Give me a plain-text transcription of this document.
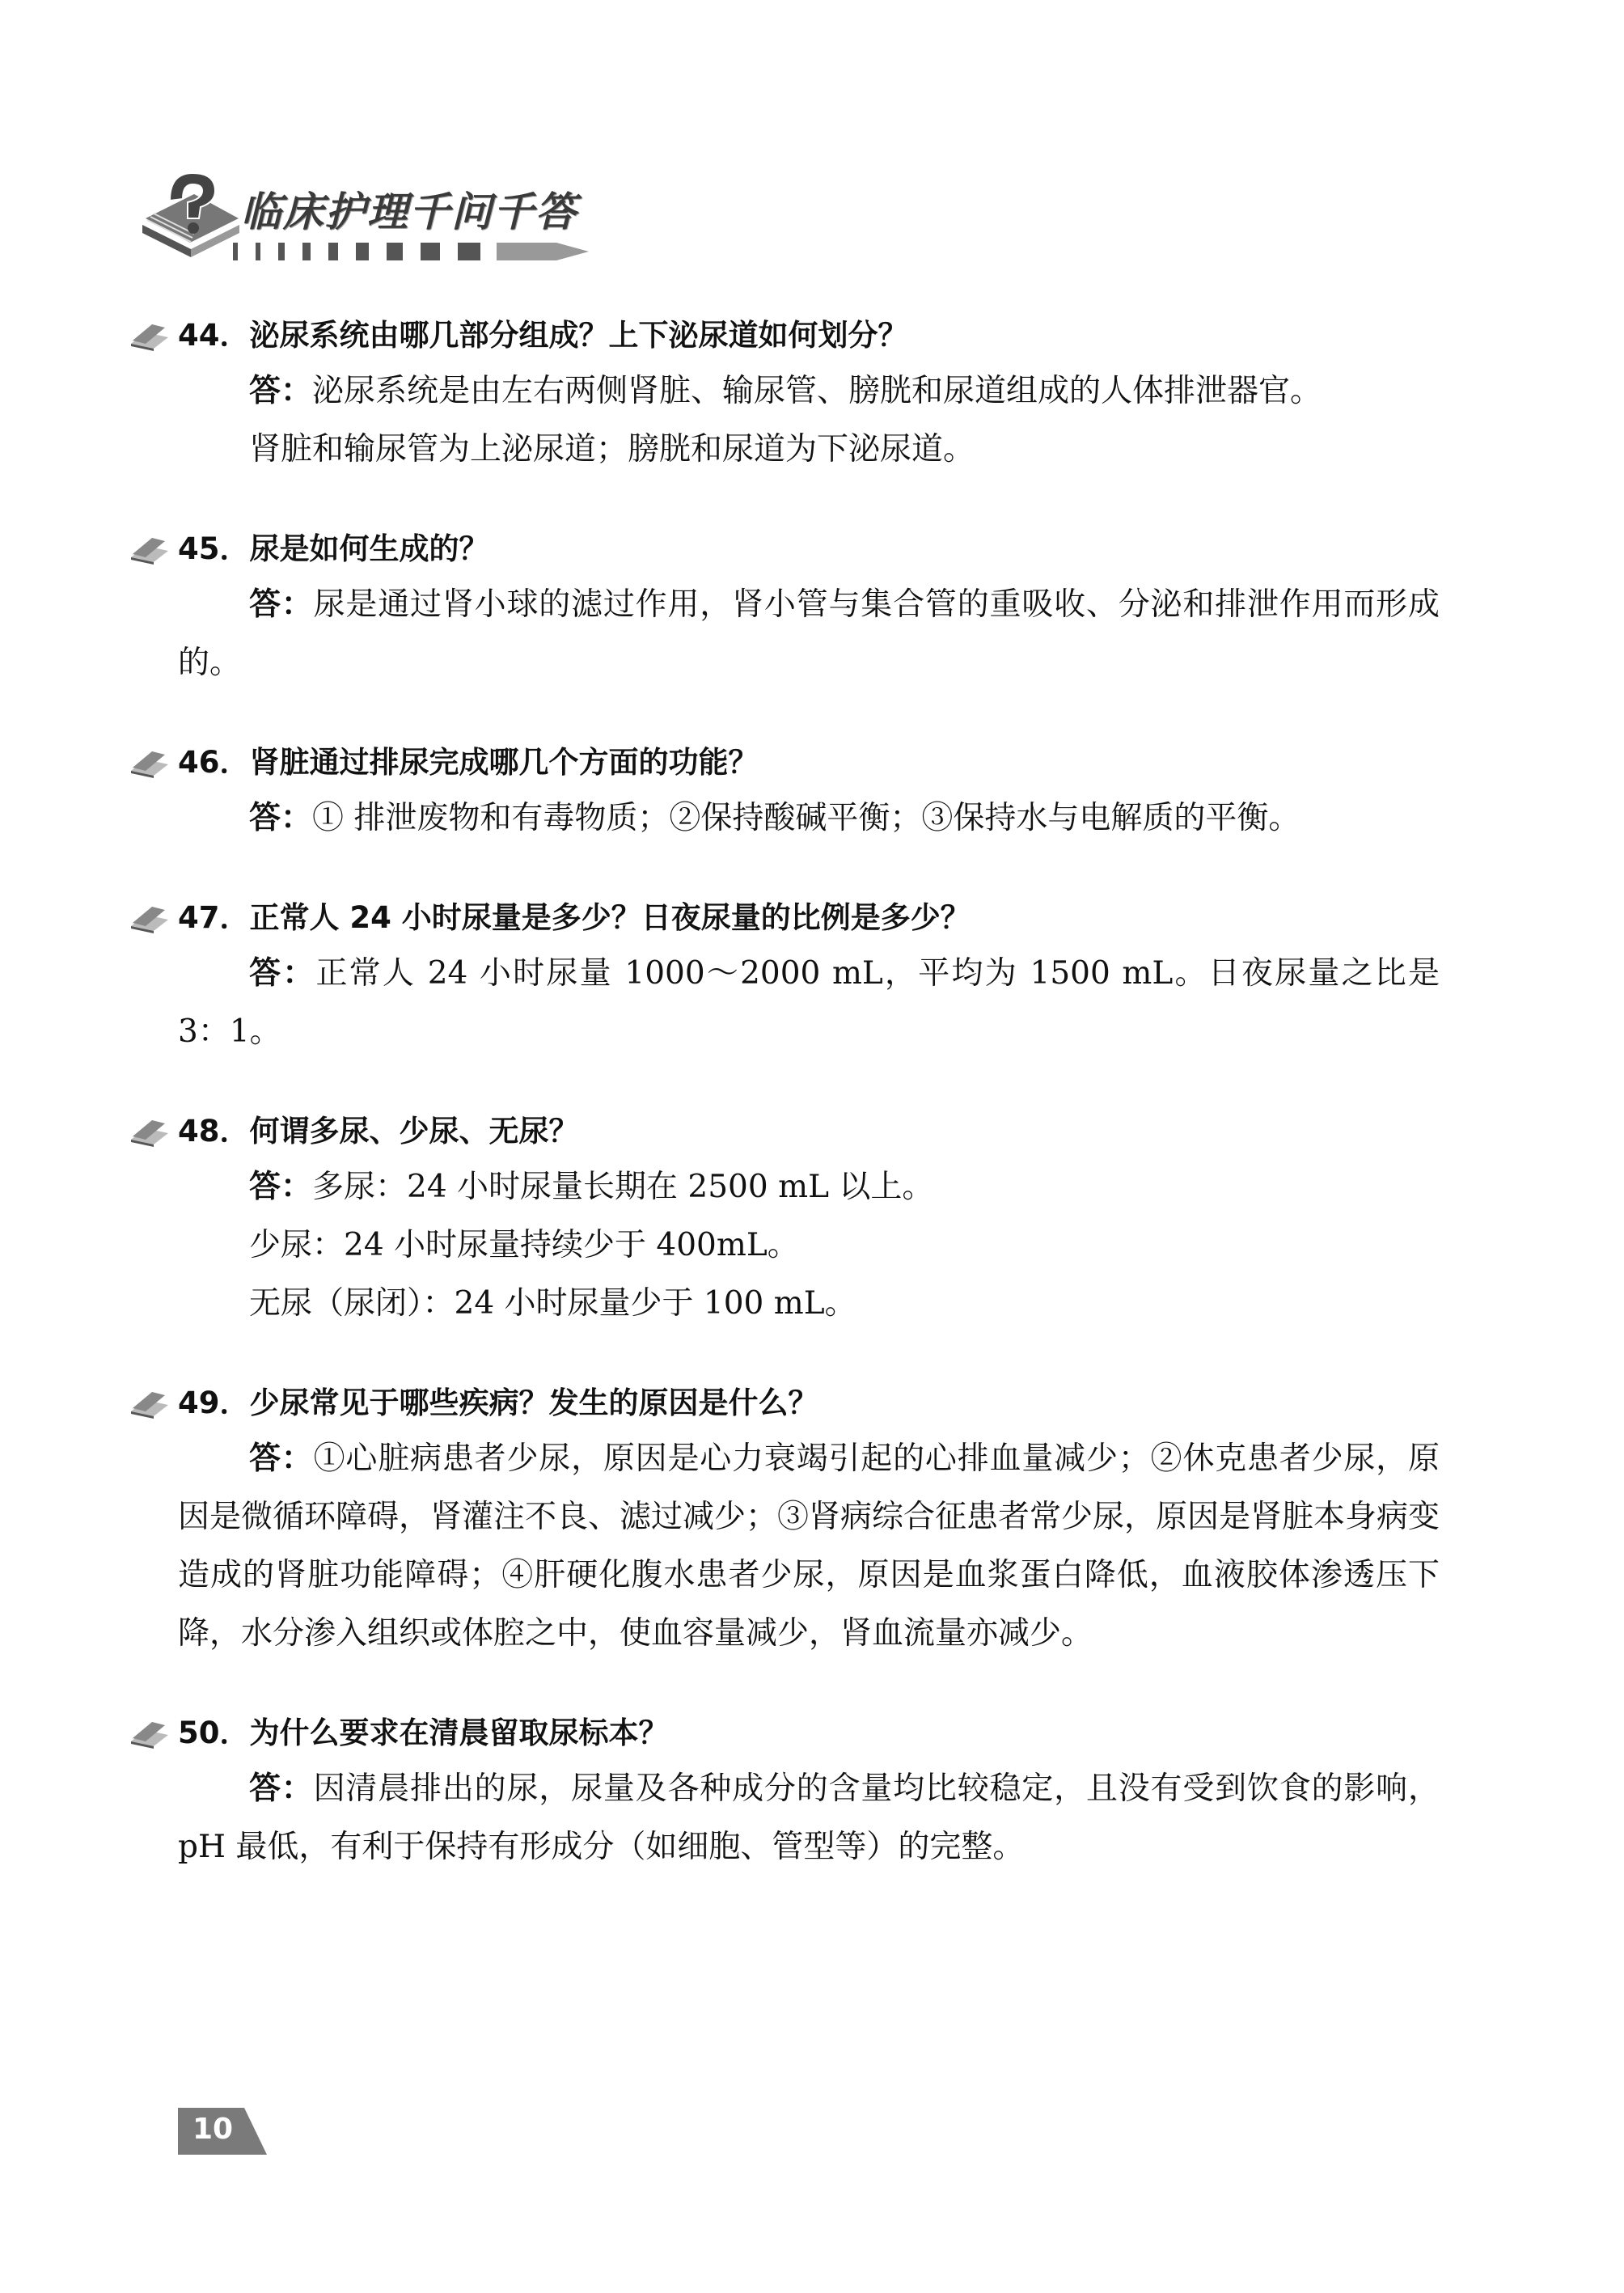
临床护理千问千答
44．泌尿系统由哪几部分组成？上下泌尿道如何划分？

答：泌尿系统是由左右两侧肾脏、输尿管、膀胱和尿道组成的人体排泄器官。

肾脏和输尿管为上泌尿道；膀胱和尿道为下泌尿道。

45．尿是如何生成的？

答：尿是通过肾小球的滤过作用，肾小管与集合管的重吸收、分泌和排泄作用而形成的。

46．肾脏通过排尿完成哪几个方面的功能？

答：① 排泄废物和有毒物质；②保持酸碱平衡；③保持水与电解质的平衡。

47．正常人 24 小时尿量是多少？日夜尿量的比例是多少？

答：正常人 24 小时尿量 1000～2000 mL，平均为 1500 mL。日夜尿量之比是 3：1。

48．何谓多尿、少尿、无尿？

答：多尿：24 小时尿量长期在 2500 mL 以上。

少尿：24 小时尿量持续少于 400mL。

无尿（尿闭）：24 小时尿量少于 100 mL。

49．少尿常见于哪些疾病？发生的原因是什么？

答：①心脏病患者少尿，原因是心力衰竭引起的心排血量减少；②休克患者少尿，原因是微循环障碍，肾灌注不良、滤过减少；③肾病综合征患者常少尿，原因是肾脏本身病变造成的肾脏功能障碍；④肝硬化腹水患者少尿，原因是血浆蛋白降低，血液胶体渗透压下降，水分渗入组织或体腔之中，使血容量减少，肾血流量亦减少。

50．为什么要求在清晨留取尿标本？

答：因清晨排出的尿，尿量及各种成分的含量均比较稳定，且没有受到饮食的影响，pH 最低，有利于保持有形成分（如细胞、管型等）的完整。

10
